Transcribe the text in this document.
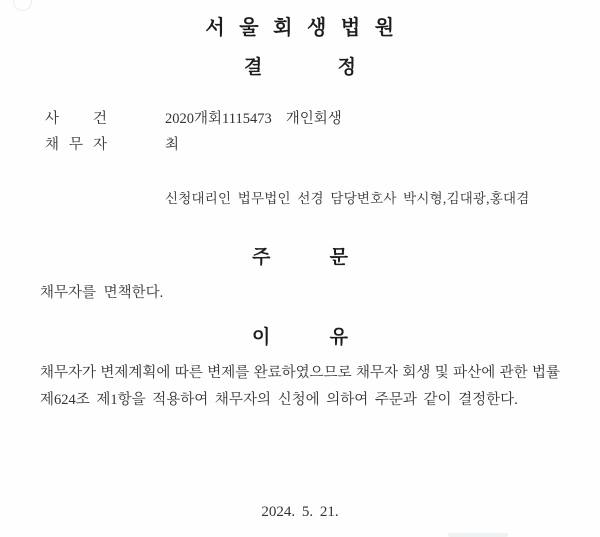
서 울 회 생 법 원
결 정
사 건	2020개회1115473 개인회생
채 무 자	최
신청대리인 법무법인 선경 담당변호사 박시형,김대광,홍대겸
주 문
채무자를 면책한다.
이 유
채무자가 변제계획에 따른 변제를 완료하였으므로 채무자 회생 및 파산에 관한 법률
제624조 제1항을 적용하여 채무자의 신청에 의하여 주문과 같이 결정한다.
2024. 5. 21.
